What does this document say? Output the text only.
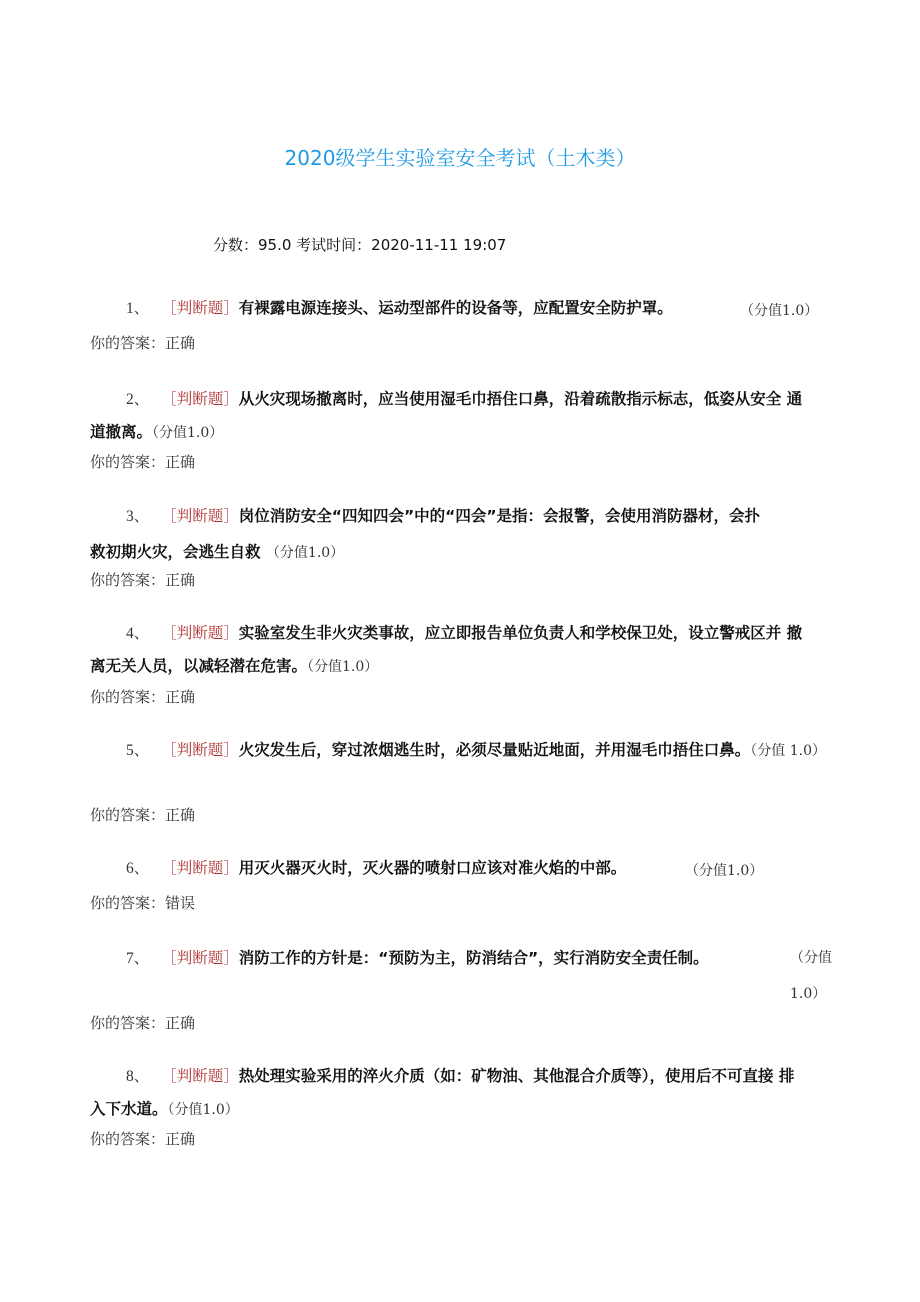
2020级学生实验室安全考试（土木类）
分数：95.0 考试时间：2020-11-11 19:07
1、 ［判断题］有裸露电源连接头、运动型部件的设备等，应配置安全防护罩。	（分值1.0）
你的答案：正确
2、 ［判断题］从火灾现场撤离时，应当使用湿毛巾捂住口鼻，沿着疏散指示标志，低姿从安全 通
道撤离。（分值1.0）
你的答案：正确
3、 ［判断题］岗位消防安全“四知四会”中的“四会”是指：会报警，会使用消防器材，会扑
救初期火灾，会逃生自救 （分值1.0）
你的答案：正确
4、 ［判断题］实验室发生非火灾类事故，应立即报告单位负责人和学校保卫处，设立警戒区并 撤
离无关人员，以减轻潜在危害。（分值1.0）
你的答案：正确
5、 ［判断题］火灾发生后，穿过浓烟逃生时，必须尽量贴近地面，并用湿毛巾捂住口鼻。（分值 1.0）
你的答案：正确
6、 ［判断题］用灭火器灭火时，灭火器的喷射口应该对准火焰的中部。	（分值1.0）
你的答案：错误
7、 ［判断题］消防工作的方针是：“预防为主，防消结合”，实行消防安全责任制。	（分值 1.0）
你的答案：正确
8、 ［判断题］热处理实验采用的淬火介质（如：矿物油、其他混合介质等），使用后不可直接 排
入下水道。（分值1.0）
你的答案：正确
